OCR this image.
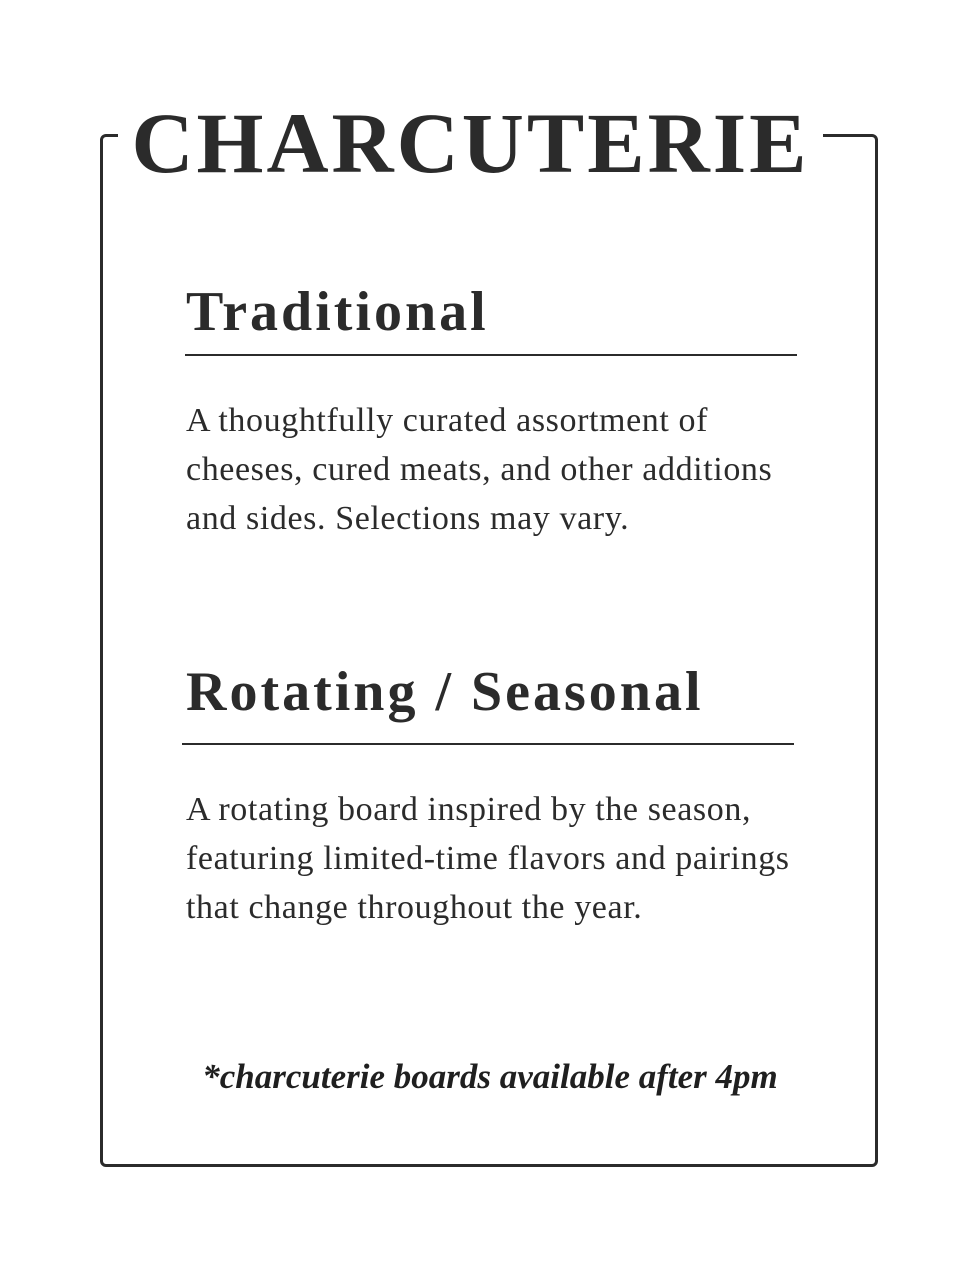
CHARCUTERIE
Traditional
A thoughtfully curated assortment of cheeses, cured meats, and other additions and sides. Selections may vary.
Rotating / Seasonal
A rotating board inspired by the season, featuring limited-time flavors and pairings that change throughout the year.
*charcuterie boards available after 4pm
